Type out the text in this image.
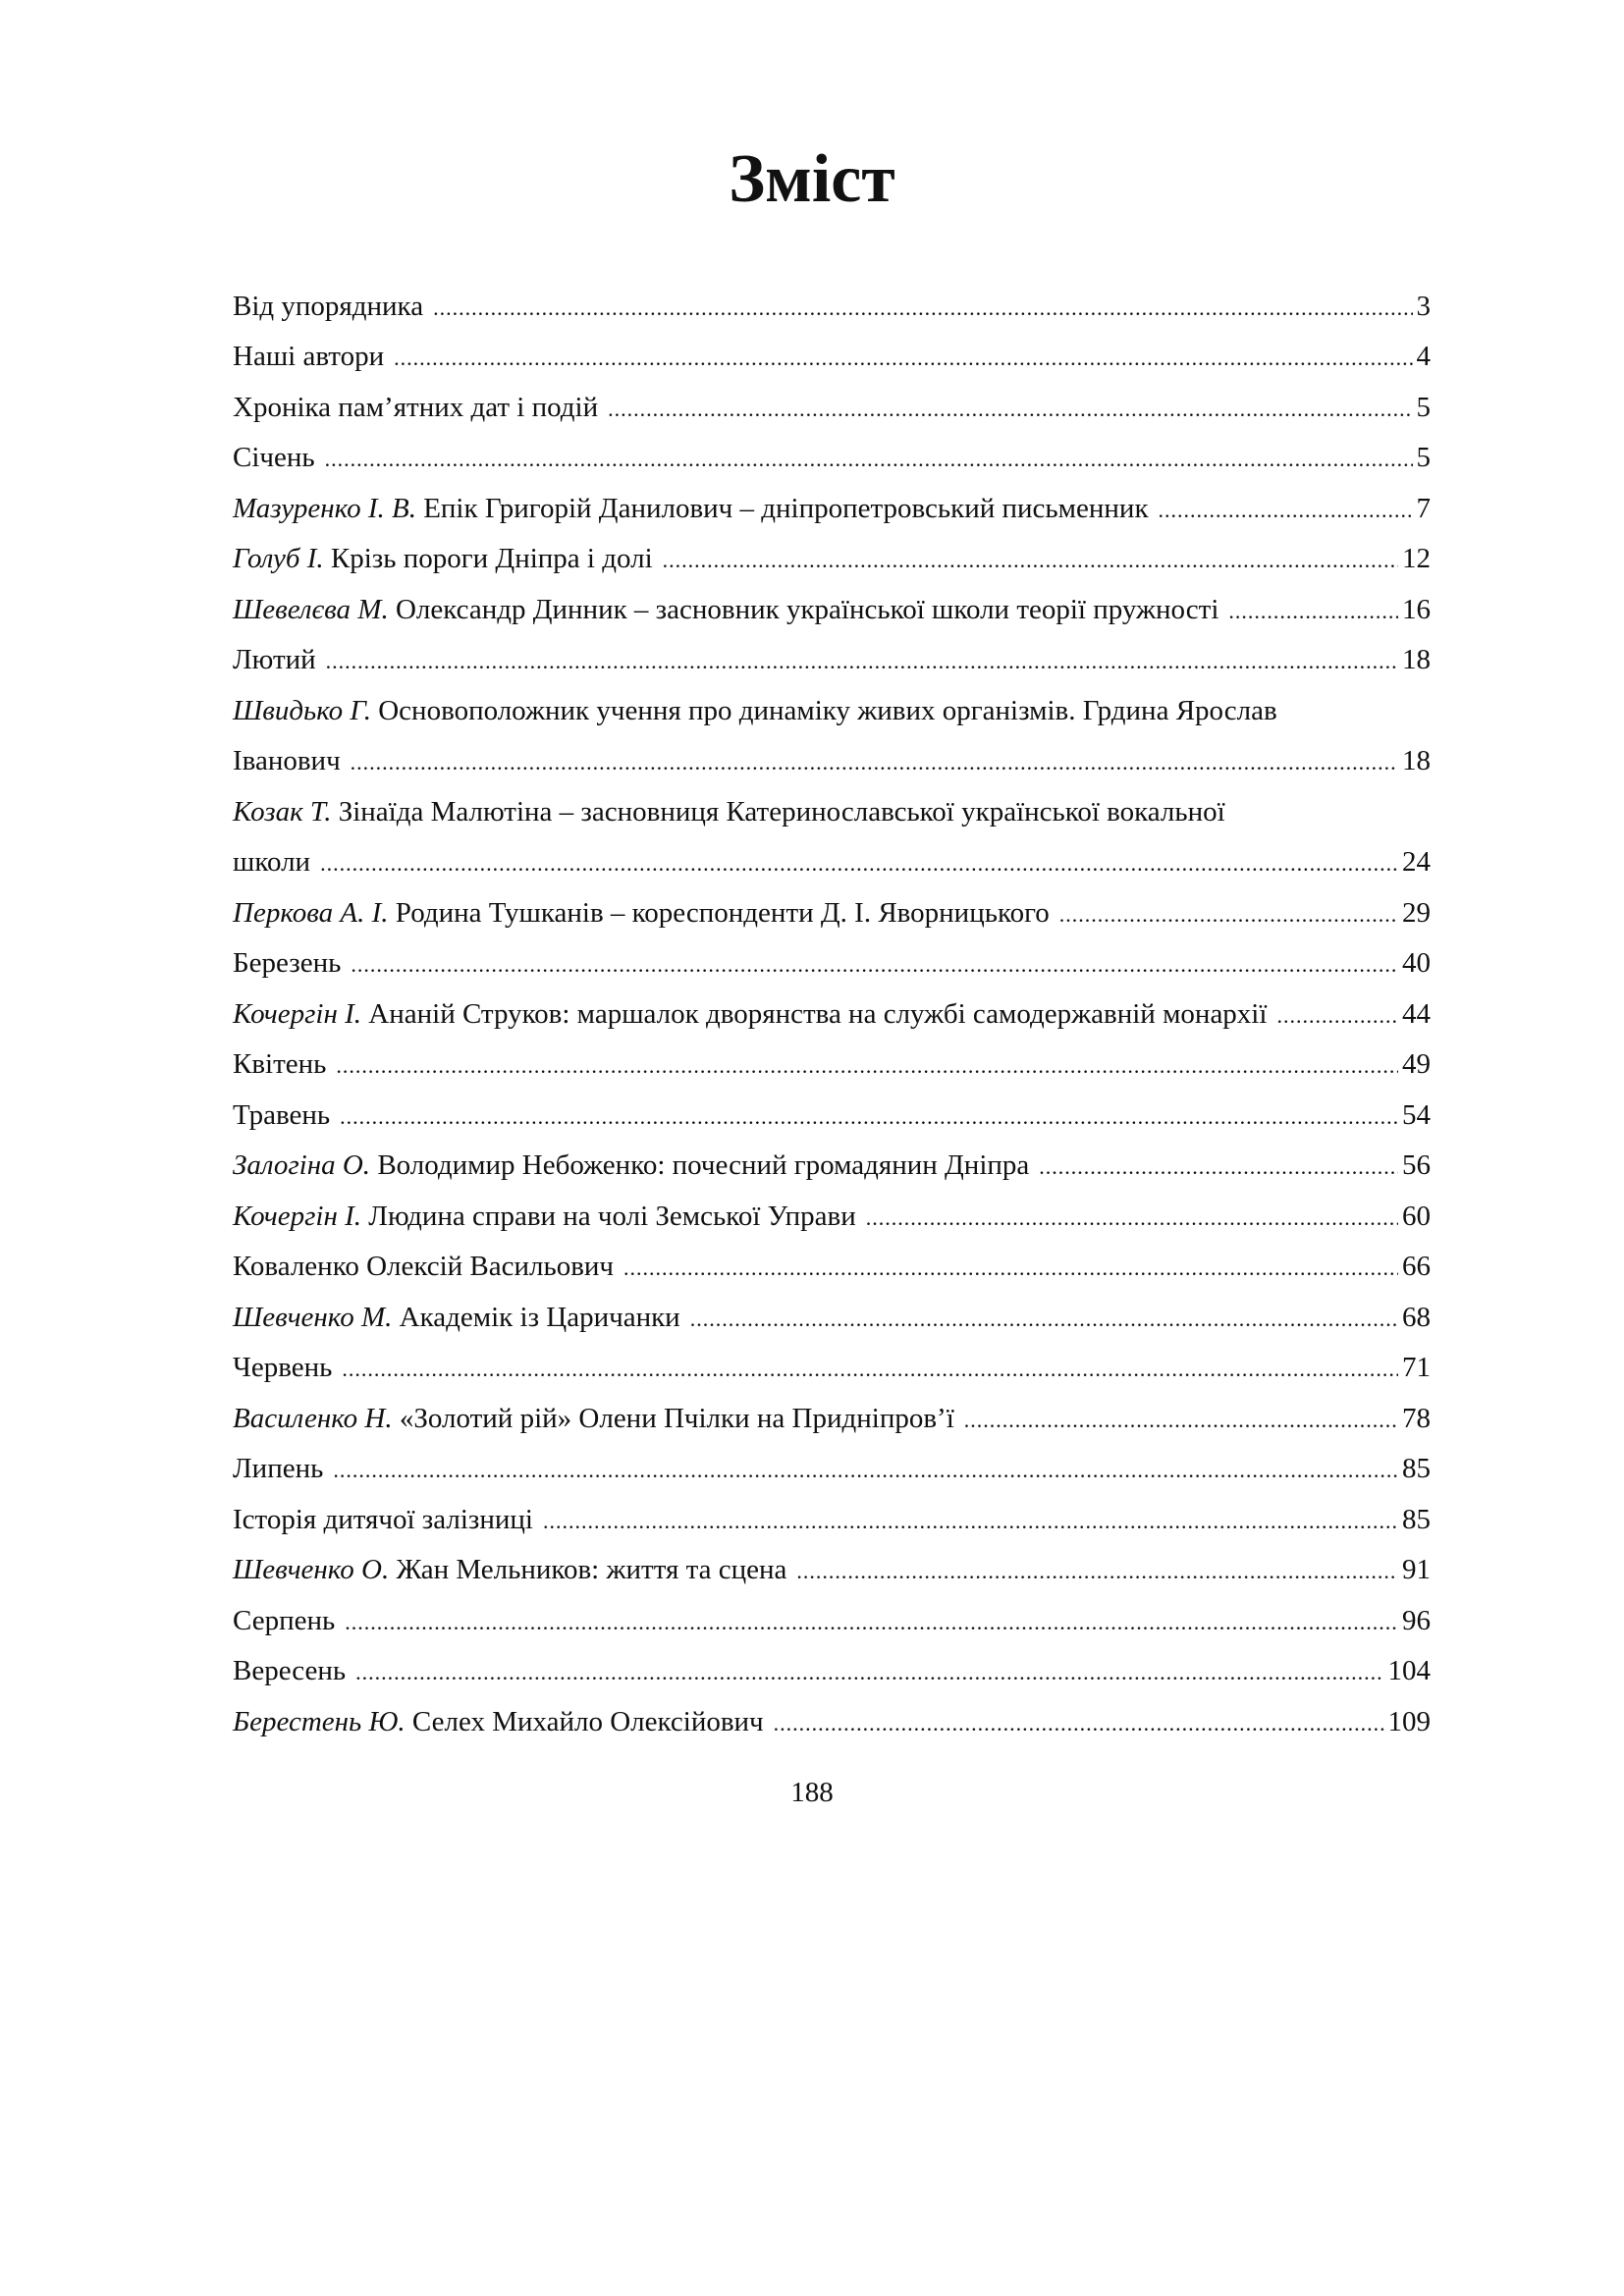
Зміст
Від упорядника .....	3
Наші автори .....	4
Хроніка пам’ятних дат і подій .....	5
Січень .....	5
Мазуренко І. В. Епік Григорій Данилович – дніпропетровський письменник .....	7
Голуб І. Крізь пороги Дніпра і долі .....	12
Шевелєва М. Олександр Динник – засновник української школи теорії пружності .....	16
Лютий .....	18
Швидько Г. Основоположник учення про динаміку живих організмів. Грдина Ярослав
Іванович .....	18
Козак Т. Зінаїда Малютіна – засновниця Катеринославської української вокальної
школи .....	24
Перкова А. І. Родина Тушканів – кореспонденти Д. І. Яворницького .....	29
Березень .....	40
Кочергін І. Ананій Струков: маршалок дворянства на службі самодержавній монархії .....	44
Квітень .....	49
Травень .....	54
Залогіна О. Володимир Небоженко: почесний громадянин Дніпра .....	56
Кочергін І. Людина справи на чолі Земської Управи .....	60
Коваленко Олексій Васильович .....	66
Шевченко М. Академік із Царичанки .....	68
Червень .....	71
Василенко Н. «Золотий рій» Олени Пчілки на Придніпров’ї .....	78
Липень .....	85
Історія дитячої залізниці .....	85
Шевченко О. Жан Мельников: життя та сцена .....	91
Серпень .....	96
Вересень .....	104
Берестень Ю. Селех Михайло Олексійович .....	109
188
